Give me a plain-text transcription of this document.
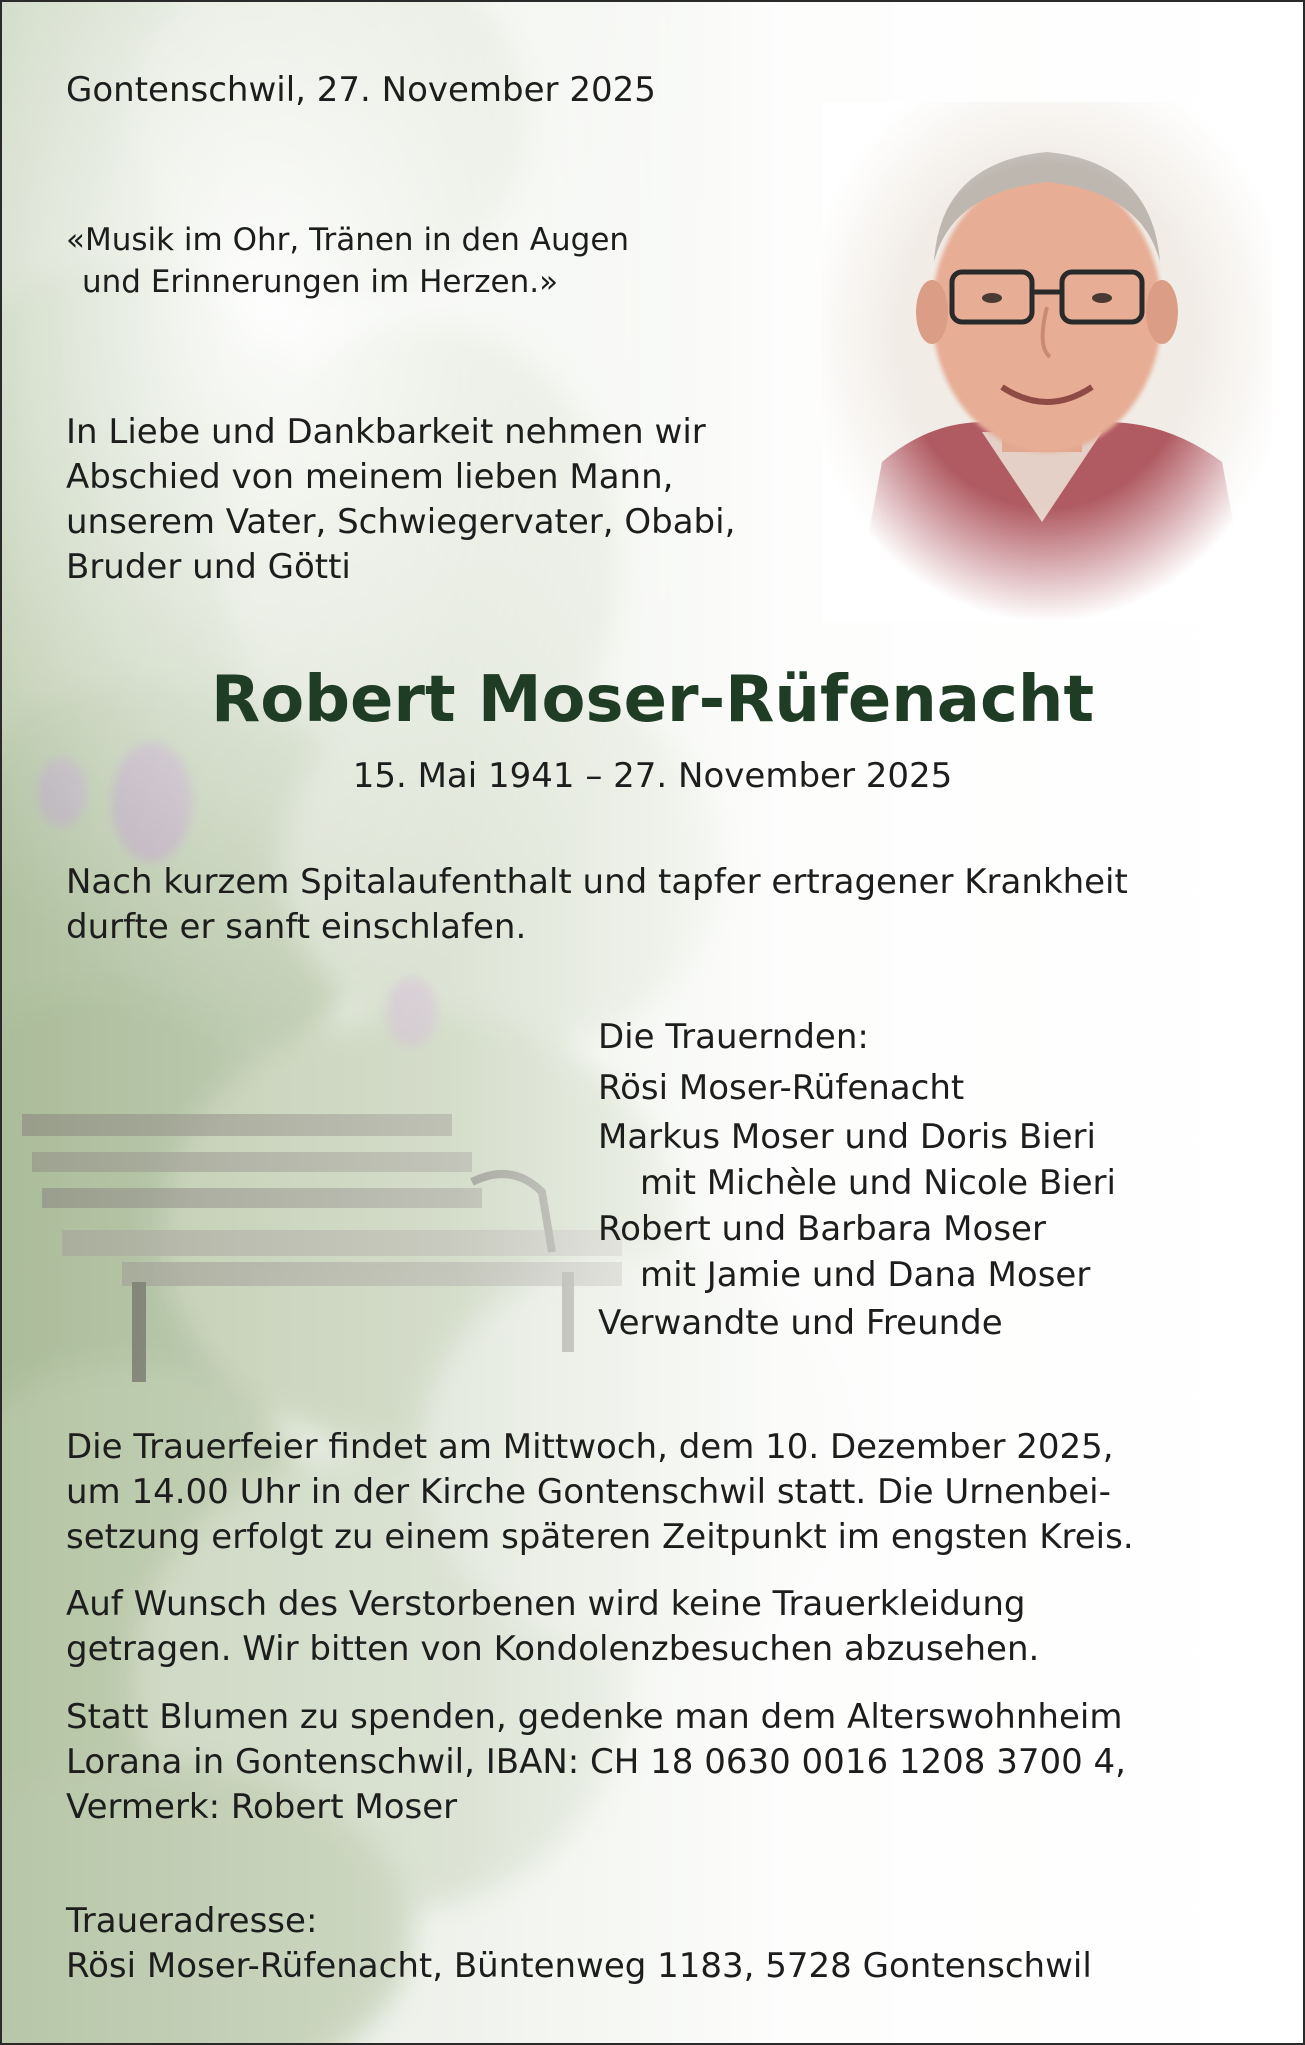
Gontenschwil, 27. November 2025

«Musik im Ohr, Tränen in den Augen
und Erinnerungen im Herzen.»

In Liebe und Dankbarkeit nehmen wir
Abschied von meinem lieben Mann,
unserem Vater, Schwiegervater, Obabi,
Bruder und Götti

Robert Moser-Rüfenacht

15. Mai 1941 – 27. November 2025

Nach kurzem Spitalaufenthalt und tapfer ertragener Krankheit
durfte er sanft einschlafen.

Die Trauernden:
Rösi Moser-Rüfenacht
Markus Moser und Doris Bieri
mit Michèle und Nicole Bieri
Robert und Barbara Moser
mit Jamie und Dana Moser
Verwandte und Freunde

Die Trauerfeier findet am Mittwoch, dem 10. Dezember 2025,
um 14.00 Uhr in der Kirche Gontenschwil statt. Die Urnenbei-
setzung erfolgt zu einem späteren Zeitpunkt im engsten Kreis.

Auf Wunsch des Verstorbenen wird keine Trauerkleidung
getragen. Wir bitten von Kondolenzbesuchen abzusehen.

Statt Blumen zu spenden, gedenke man dem Alterswohnheim
Lorana in Gontenschwil, IBAN: CH 18 0630 0016 1208 3700 4,
Vermerk: Robert Moser

Traueradresse:
Rösi Moser-Rüfenacht, Büntenweg 1183, 5728 Gontenschwil
